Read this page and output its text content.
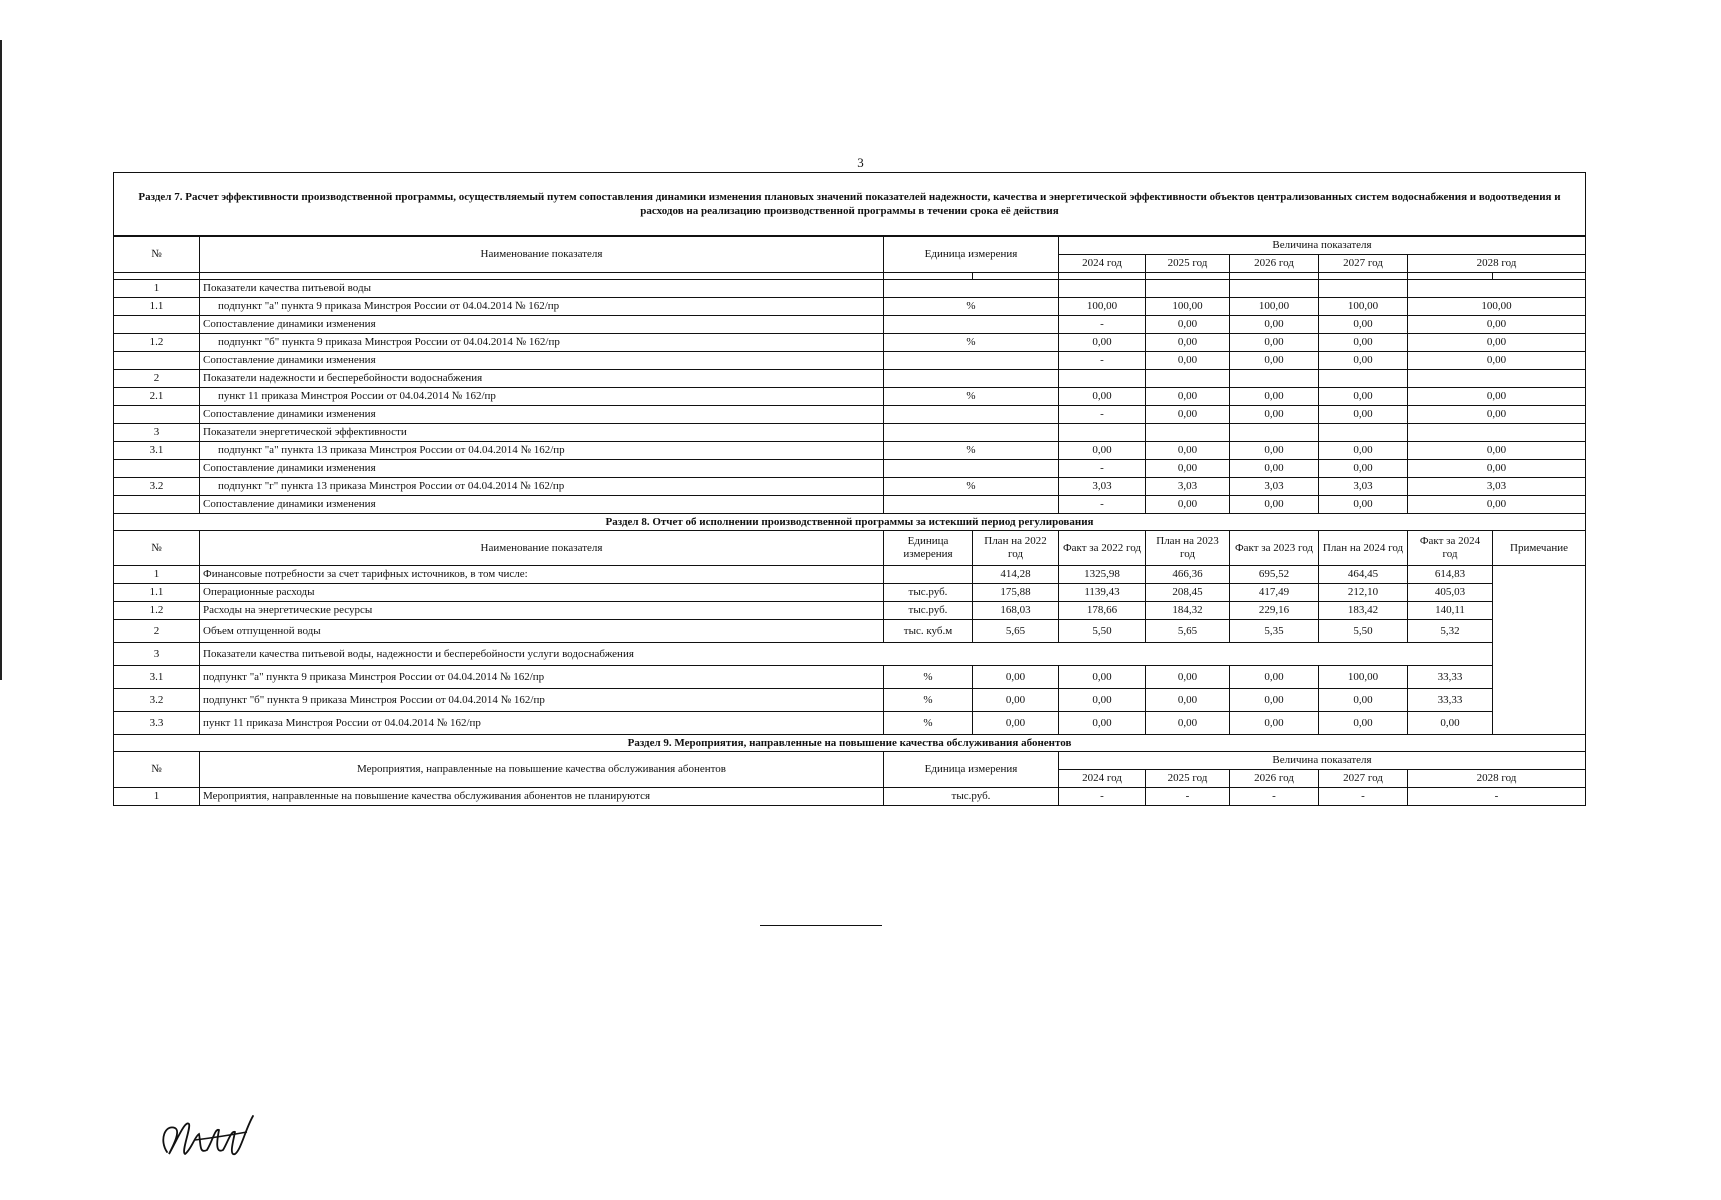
3
Раздел 7. Расчет эффективности производственной программы, осуществляемый путем сопоставления динамики изменения плановых значений показателей надежности, качества и энергетической эффективности объектов централизованных систем водоснабжения и водоотведения и расходов на реализацию производственной программы в течении срока её действия									
№	Наименование показателя	Единица измерения		Величина показателя					
				2024 год	2025 год	2026 год	2027 год	2028 год	

1	Показатели качества питьевой воды								
1.1	подпункт "а" пункта 9 приказа Минстроя России от 04.04.2014 № 162/пр	%		100,00	100,00	100,00	100,00	100,00	
	Сопоставление динамики изменения			-	0,00	0,00	0,00	0,00	
1.2	подпункт "б" пункта 9 приказа Минстроя России от 04.04.2014 № 162/пр	%		0,00	0,00	0,00	0,00	0,00	
	Сопоставление динамики изменения			-	0,00	0,00	0,00	0,00	
2	Показатели надежности и бесперебойности водоснабжения								
2.1	пункт 11 приказа Минстроя России от 04.04.2014 № 162/пр	%		0,00	0,00	0,00	0,00	0,00	
	Сопоставление динамики изменения			-	0,00	0,00	0,00	0,00	
3	Показатели энергетической эффективности								
3.1	подпункт "а" пункта 13 приказа Минстроя России от 04.04.2014 № 162/пр	%		0,00	0,00	0,00	0,00	0,00	
	Сопоставление динамики изменения			-	0,00	0,00	0,00	0,00	
3.2	подпункт "г" пункта 13 приказа Минстроя России от 04.04.2014 № 162/пр	%		3,03	3,03	3,03	3,03	3,03	
	Сопоставление динамики изменения			-	0,00	0,00	0,00	0,00	
Раздел 8. Отчет об исполнении производственной программы за истекший период регулирования									
№	Наименование показателя	Единица измерения	План на 2022 год	Факт за 2022 год	План на 2023 год	Факт за 2023 год	План на 2024 год	Факт за 2024 год	Примечание
1	Финансовые потребности за счет тарифных источников, в том числе:		414,28	1325,98	466,36	695,52	464,45	614,83	
1.1	Операционные расходы	тыс.руб.	175,88	1139,43	208,45	417,49	212,10	405,03	
1.2	Расходы на энергетические ресурсы	тыс.руб.	168,03	178,66	184,32	229,16	183,42	140,11	
2	Объем отпущенной воды	тыс. куб.м	5,65	5,50	5,65	5,35	5,50	5,32	
3	Показатели качества питьевой воды, надежности и бесперебойности услуги водоснабжения								
3.1	подпункт "а" пункта 9 приказа Минстроя России от 04.04.2014 № 162/пр	%	0,00	0,00	0,00	0,00	100,00	33,33	
3.2	подпункт "б" пункта 9 приказа Минстроя России от 04.04.2014 № 162/пр	%	0,00	0,00	0,00	0,00	0,00	33,33	
3.3	пункт 11 приказа Минстроя России от 04.04.2014 № 162/пр	%	0,00	0,00	0,00	0,00	0,00	0,00	
Раздел 9. Мероприятия, направленные на повышение качества обслуживания абонентов									
№	Мероприятия, направленные на повышение качества обслуживания абонентов	Единица измерения		Величина показателя					
				2024 год	2025 год	2026 год	2027 год	2028 год	
1	Мероприятия, направленные на повышение качества обслуживания абонентов не планируются	тыс.руб.		-	-	-	-	-	
